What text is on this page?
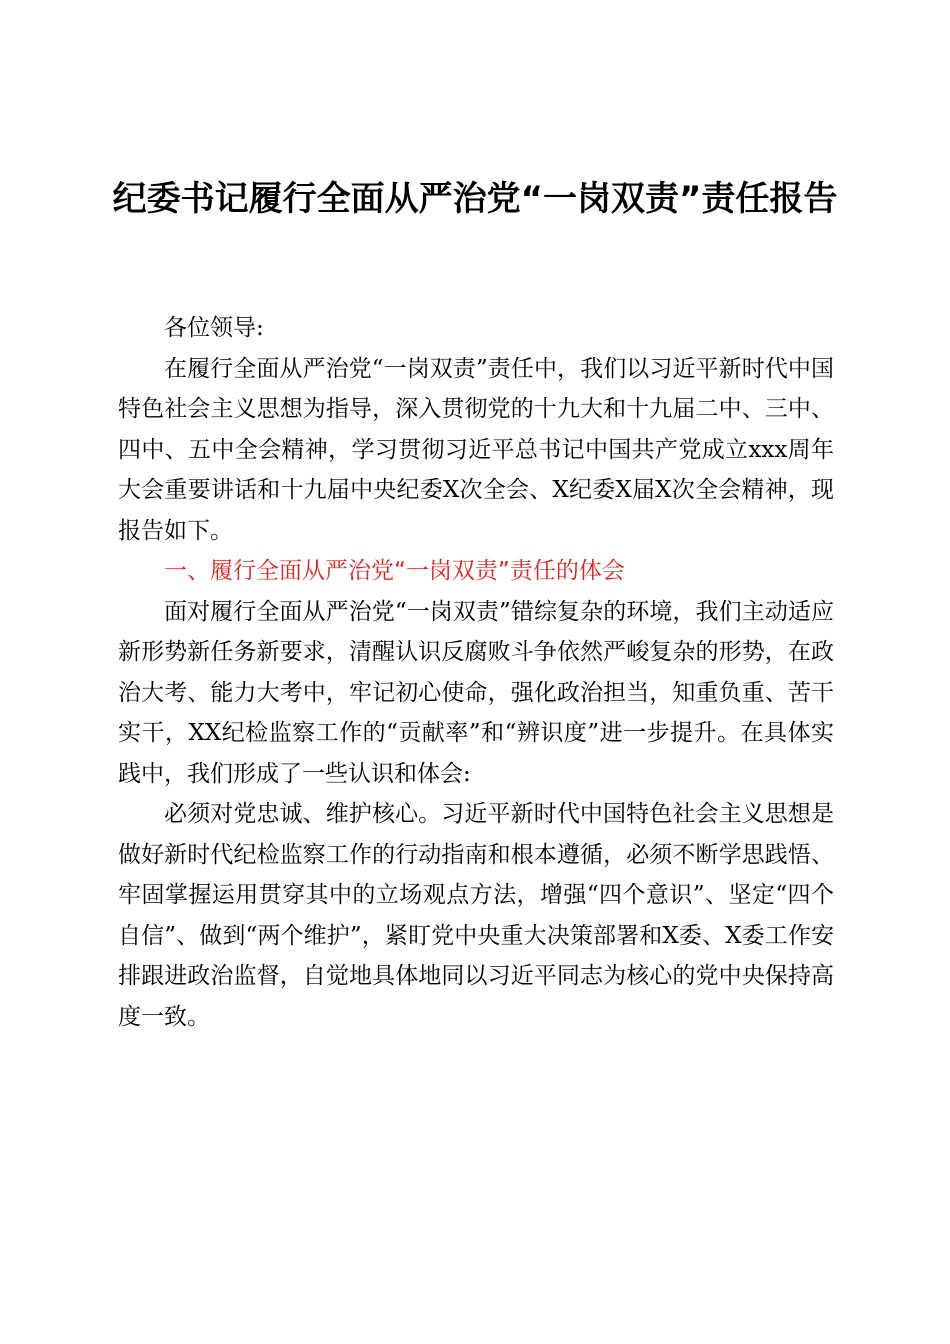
纪委书记履行全面从严治党“一岗双责”责任报告

各位领导:

在履行全面从严治党“一岗双责”责任中，我们以习近平新时代中国特色社会主义思想为指导，深入贯彻党的十九大和十九届二中、三中、四中、五中全会精神，学习贯彻习近平总书记中国共产党成立xxx周年大会重要讲话和十九届中央纪委X次全会、X纪委X届X次全会精神，现报告如下。

一、履行全面从严治党“一岗双责”责任的体会

面对履行全面从严治党“一岗双责”错综复杂的环境，我们主动适应新形势新任务新要求，清醒认识反腐败斗争依然严峻复杂的形势，在政治大考、能力大考中，牢记初心使命，强化政治担当，知重负重、苦干实干，XX纪检监察工作的“贡献率”和“辨识度”进一步提升。在具体实践中，我们形成了一些认识和体会:

必须对党忠诚、维护核心。习近平新时代中国特色社会主义思想是做好新时代纪检监察工作的行动指南和根本遵循，必须不断学思践悟、牢固掌握运用贯穿其中的立场观点方法，增强“四个意识”、坚定“四个自信”、做到“两个维护”，紧盯党中央重大决策部署和X委、X委工作安排跟进政治监督，自觉地具体地同以习近平同志为核心的党中央保持高度一致。
